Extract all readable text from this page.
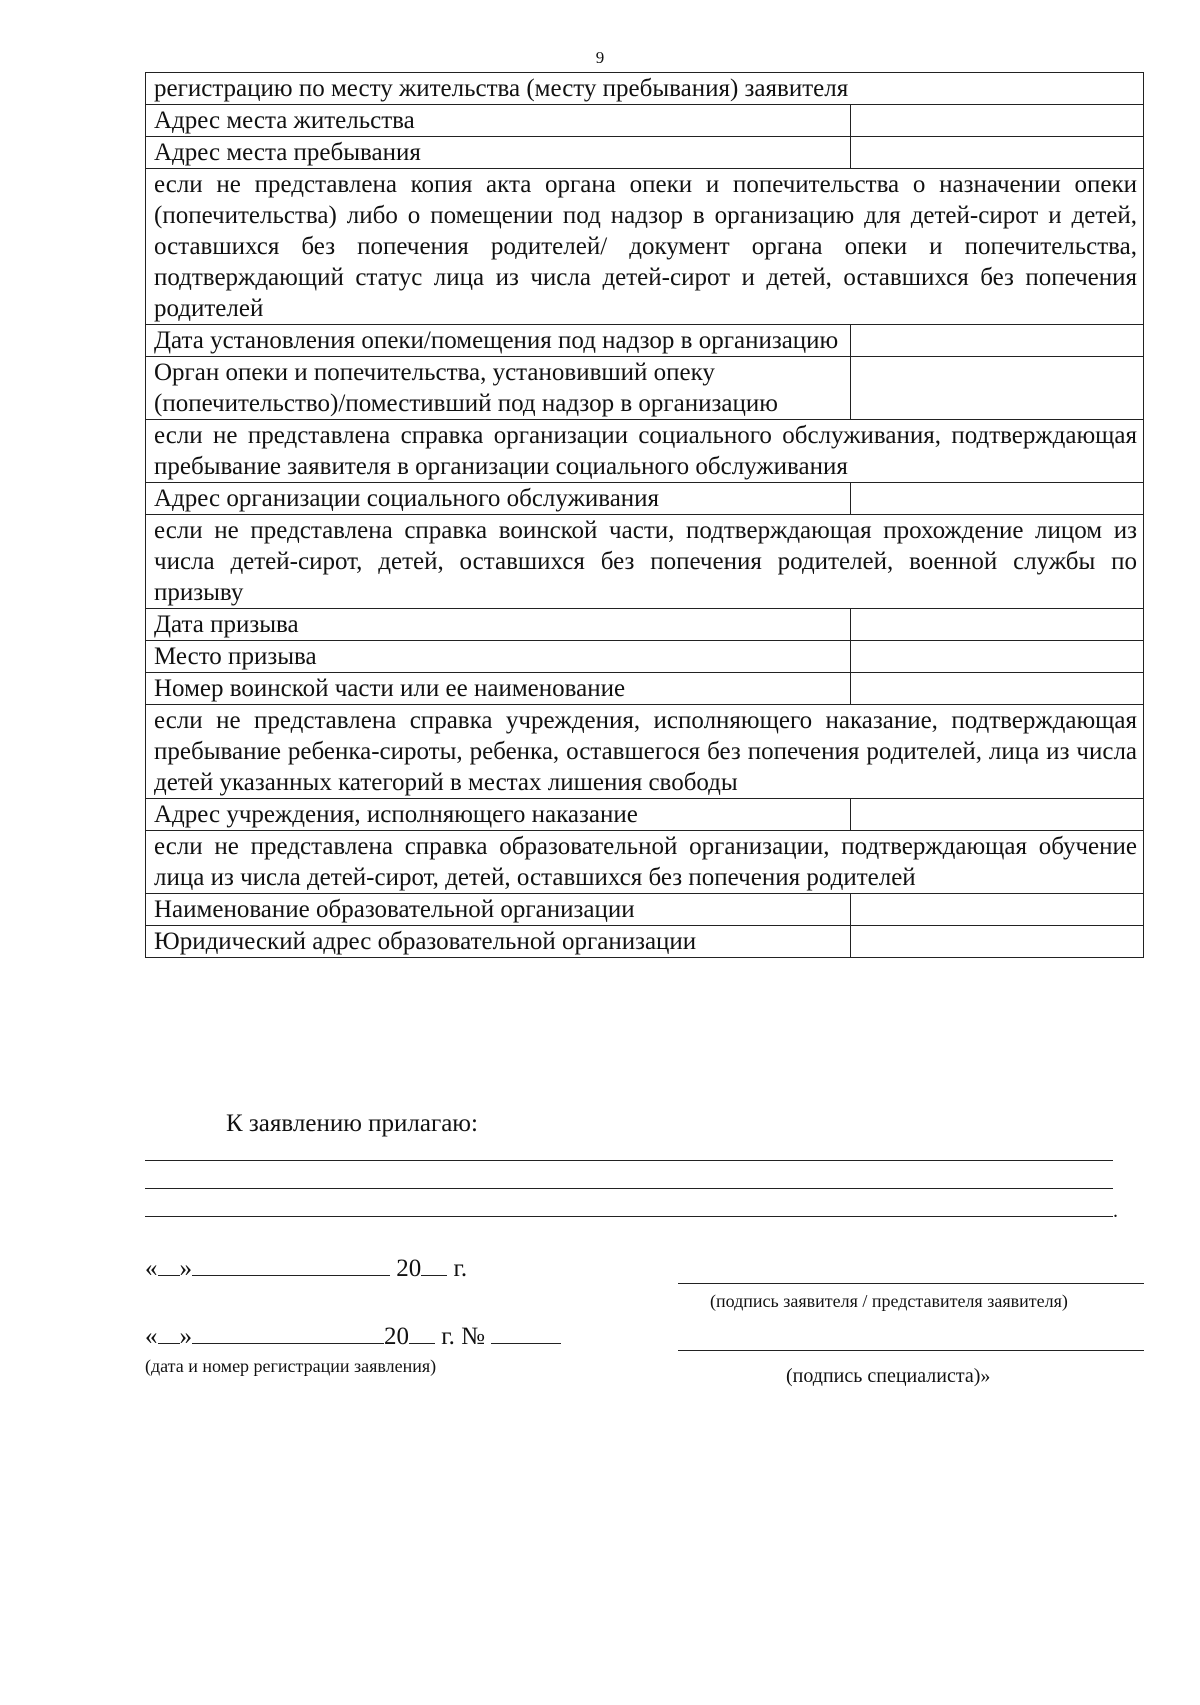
9
регистрацию по месту жительства (месту пребывания) заявителя	
Адрес места жительства	
Адрес места пребывания	
если не представлена копия акта органа опеки и попечительства о назначении опеки (попечительства) либо о помещении под надзор в организацию для детей-сирот и детей, оставшихся без попечения родителей/ документ органа опеки и попечительства, подтверждающий статус лица из числа детей-сирот и детей, оставшихся без попечения родителей	
Дата установления опеки/помещения под надзор в организацию	
Орган опеки и попечительства, установивший опеку (попечительство)/поместивший под надзор в организацию	
если не представлена справка организации социального обслуживания, подтверждающая пребывание заявителя в организации социального обслуживания	
Адрес организации социального обслуживания	
если не представлена справка воинской части, подтверждающая прохождение лицом из числа детей-сирот, детей, оставшихся без попечения родителей, военной службы по призыву	
Дата призыва	
Место призыва	
Номер воинской части или ее наименование	
если не представлена справка учреждения, исполняющего наказание, подтверждающая пребывание ребенка-сироты, ребенка, оставшегося без попечения родителей, лица из числа детей указанных категорий в местах лишения свободы	
Адрес учреждения, исполняющего наказание	
если не представлена справка образовательной организации, подтверждающая обучение лица из числа детей-сирот, детей, оставшихся без попечения родителей	
Наименование образовательной организации	
Юридический адрес образовательной организации	
К заявлению прилагаю:
.
« »	20 г.
(подпись заявителя / представителя заявителя)
« »	20 г. №
(дата и номер регистрации заявления)	(подпись специалиста)»
